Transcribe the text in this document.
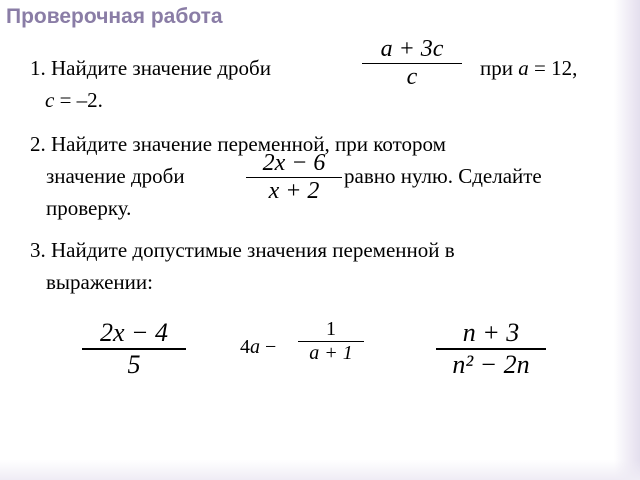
Проверочная работа
1. Найдите значение дроби
a + 3c
c	при a = 12,
c = –2.
2. Найдите значение переменной, при котором
значение дроби	2x − 6
x + 2
равно нулю. Сделайте
проверку.
3. Найдите допустимые значения переменной в
выражении:
2x − 4
5
4a −
1
a + 1
n + 3
n² − 2n
